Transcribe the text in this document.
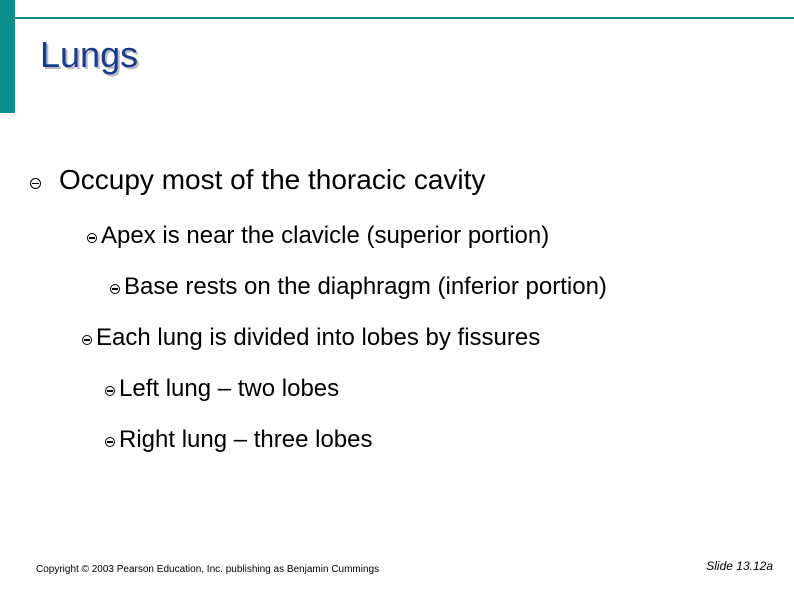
Lungs
Occupy most of the thoracic cavity
Apex is near the clavicle (superior portion)
Base rests on the diaphragm (inferior portion)
Each lung is divided into lobes by fissures
Left lung – two lobes
Right lung – three lobes
Copyright © 2003 Pearson Education, Inc. publishing as Benjamin Cummings	Slide 13.12a
